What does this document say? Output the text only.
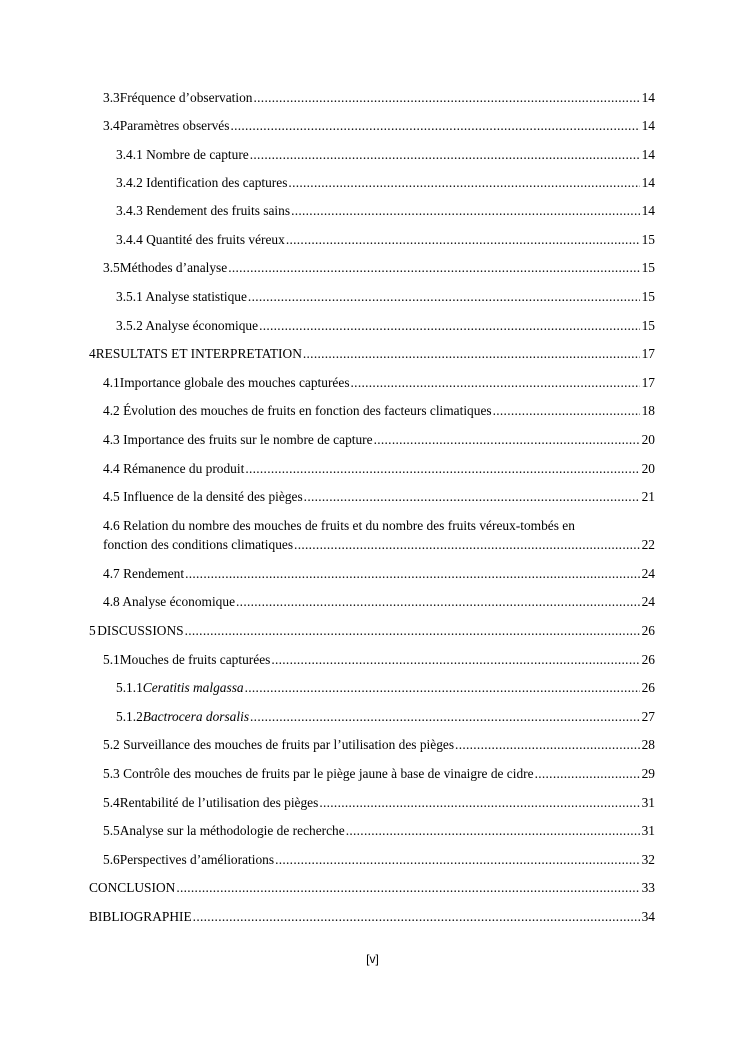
3.3 Fréquence d’observation .....	14
3.4 Paramètres observés .....	14
3.4.1 Nombre de capture .....	14
3.4.2 Identification des captures .....	14
3.4.3 Rendement des fruits sains .....	14
3.4.4 Quantité des fruits véreux .....	15
3.5 Méthodes d’analyse .....	15
3.5.1 Analyse statistique .....	15
3.5.2 Analyse économique .....	15
4 RESULTATS ET INTERPRETATION .....	17
4.1 Importance globale des mouches capturées .....	17
4.2 Évolution des mouches de fruits en fonction des facteurs climatiques .....	18
4.3 Importance des fruits sur le nombre de capture .....	20
4.4 Rémanence du produit .....	20
4.5 Influence de la densité des pièges .....	21
4.6 Relation du nombre des mouches de fruits et du nombre des fruits véreux-tombés en
fonction des conditions climatiques .....	22
4.7 Rendement .....	24
4.8 Analyse économique .....	24
5 DISCUSSIONS .....	26
5.1 Mouches de fruits capturées .....	26
5.1.1 Ceratitis malgassa .....	26
5.1.2 Bactrocera dorsalis .....	27
5.2 Surveillance des mouches de fruits par l’utilisation des pièges .....	28
5.3 Contrôle des mouches de fruits par le piège jaune à base de vinaigre de cidre .....	29
5.4 Rentabilité de l’utilisation des pièges .....	31
5.5 Analyse sur la méthodologie de recherche .....	31
5.6 Perspectives d’améliorations .....	32
CONCLUSION .....	33
BIBLIOGRAPHIE .....	34
[v]
